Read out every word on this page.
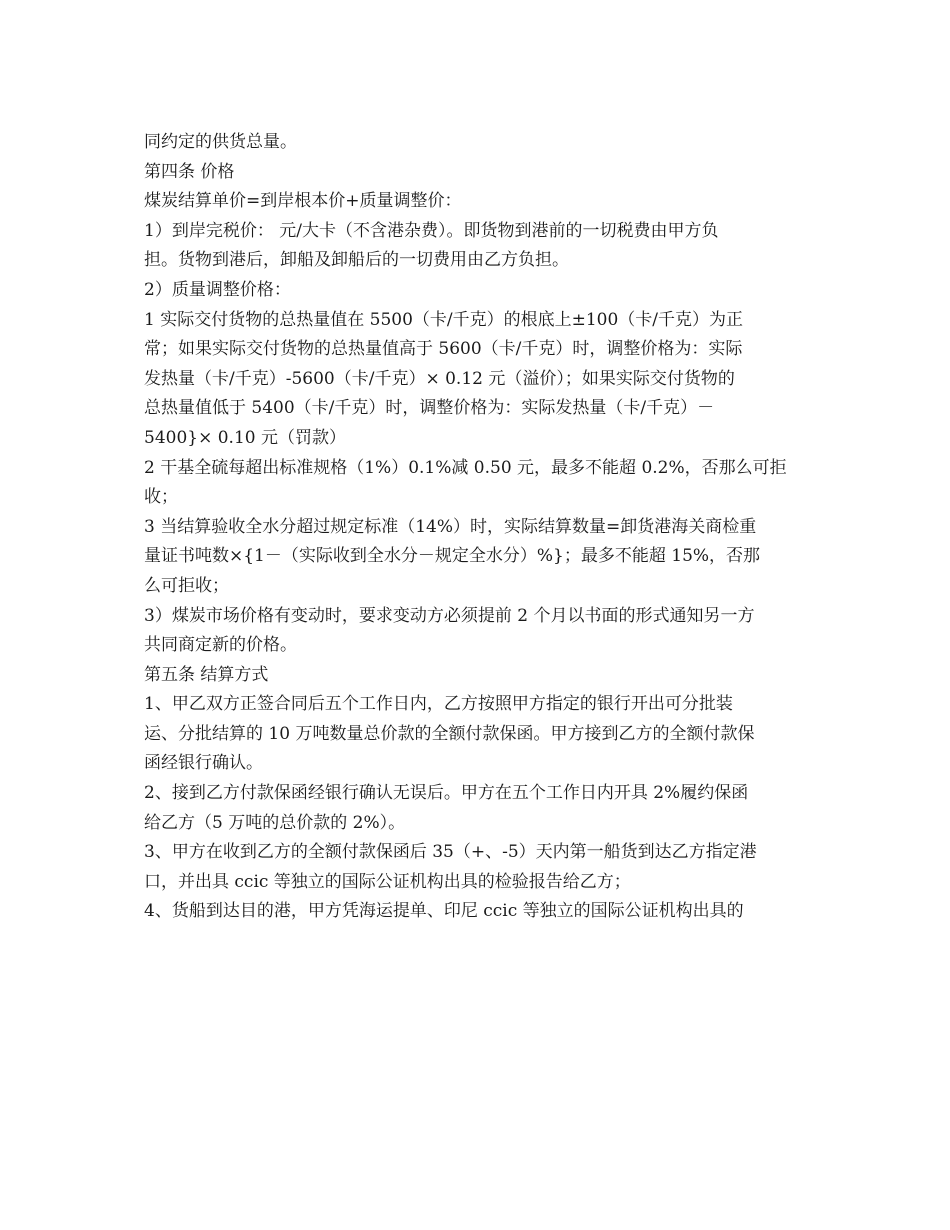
同约定的供货总量。

第四条 价格

煤炭结算单价=到岸根本价+质量调整价：

1）到岸完税价： 元/大卡（不含港杂费）。即货物到港前的一切税费由甲方负

担。货物到港后，卸船及卸船后的一切费用由乙方负担。

2）质量调整价格：

1 实际交付货物的总热量值在 5500（卡/千克）的根底上±100（卡/千克）为正

常；如果实际交付货物的总热量值高于 5600（卡/千克）时，调整价格为：实际

发热量（卡/千克）-5600（卡/千克）× 0.12 元（溢价）；如果实际交付货物的

总热量值低于 5400（卡/千克）时，调整价格为：实际发热量（卡/千克）－

5400}× 0.10 元（罚款）

2 干基全硫每超出标准规格（1%）0.1%减 0.50 元，最多不能超 0.2%，否那么可拒

收；

3 当结算验收全水分超过规定标准（14%）时，实际结算数量=卸货港海关商检重

量证书吨数×{1－（实际收到全水分－规定全水分）%}；最多不能超 15%，否那

么可拒收；

3）煤炭市场价格有变动时，要求变动方必须提前 2 个月以书面的形式通知另一方

共同商定新的价格。

第五条 结算方式

1、甲乙双方正签合同后五个工作日内，乙方按照甲方指定的银行开出可分批装

运、分批结算的 10 万吨数量总价款的全额付款保函。甲方接到乙方的全额付款保

函经银行确认。

2、接到乙方付款保函经银行确认无误后。甲方在五个工作日内开具 2%履约保函

给乙方（5 万吨的总价款的 2%）。

3、甲方在收到乙方的全额付款保函后 35（+、-5）天内第一船货到达乙方指定港

口，并出具 ccic 等独立的国际公证机构出具的检验报告给乙方；

4、货船到达目的港，甲方凭海运提单、印尼 ccic 等独立的国际公证机构出具的
